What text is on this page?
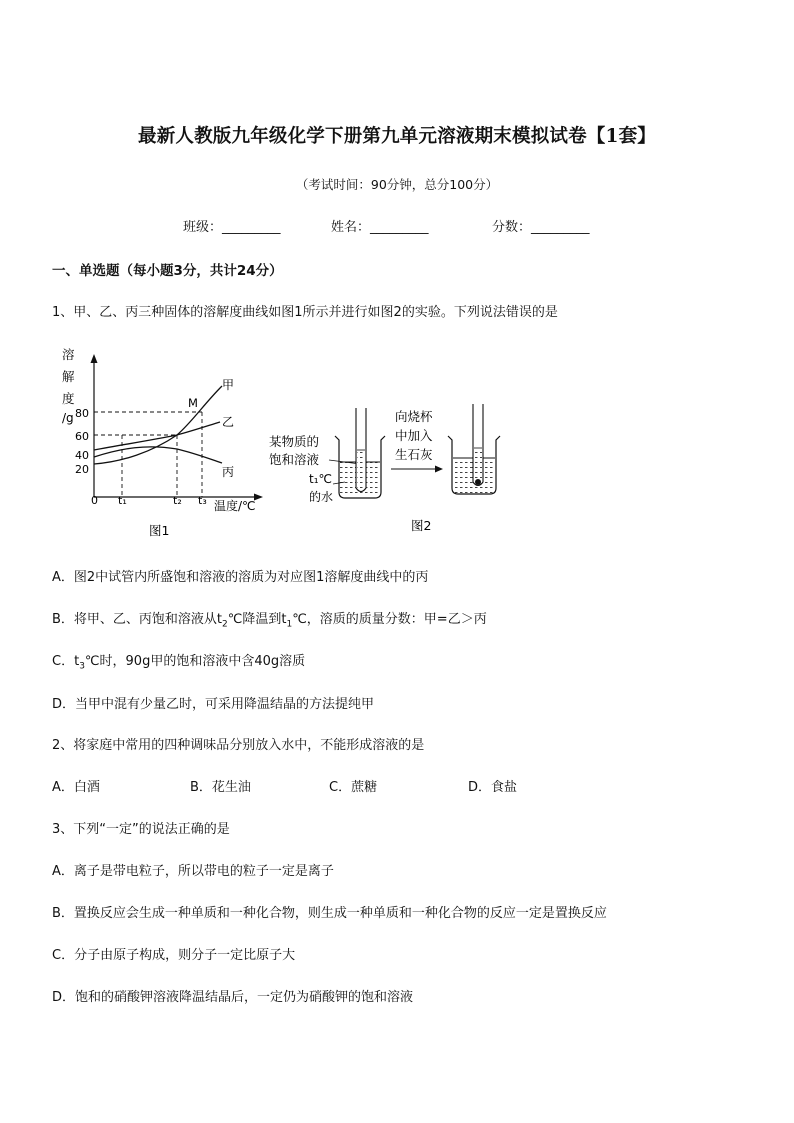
最新人教版九年级化学下册第九单元溶液期末模拟试卷【1套】
（考试时间：90分钟，总分100分）
班级：_________	姓名：_________	分数：_________
一、单选题（每小题3分，共计24分）
1、甲、乙、丙三种固体的溶解度曲线如图1所示并进行如图2的实验。下列说法错误的是
溶
解
度
/g 80
60
40
20
M
甲
乙
丙
0 t₁	t₂ t₃ 温度/℃
图1
某物质的
饱和溶液
t₁℃
的水
向烧杯
中加入
生石灰
图2
A．图2中试管内所盛饱和溶液的溶质为对应图1溶解度曲线中的丙
B．将甲、乙、丙饱和溶液从$t_2℃$降温到$t_1℃$，溶质的质量分数：甲=乙＞丙
C．$t_3℃$时，90g甲的饱和溶液中含40g溶质
D．当甲中混有少量乙时，可采用降温结晶的方法提纯甲
2、将家庭中常用的四种调味品分别放入水中，不能形成溶液的是
A．白酒	B．花生油	C．蔗糖	D．食盐
3、下列“一定”的说法正确的是
A．离子是带电粒子，所以带电的粒子一定是离子
B．置换反应会生成一种单质和一种化合物，则生成一种单质和一种化合物的反应一定是置换反应
C．分子由原子构成，则分子一定比原子大
D．饱和的硝酸钾溶液降温结晶后，一定仍为硝酸钾的饱和溶液
